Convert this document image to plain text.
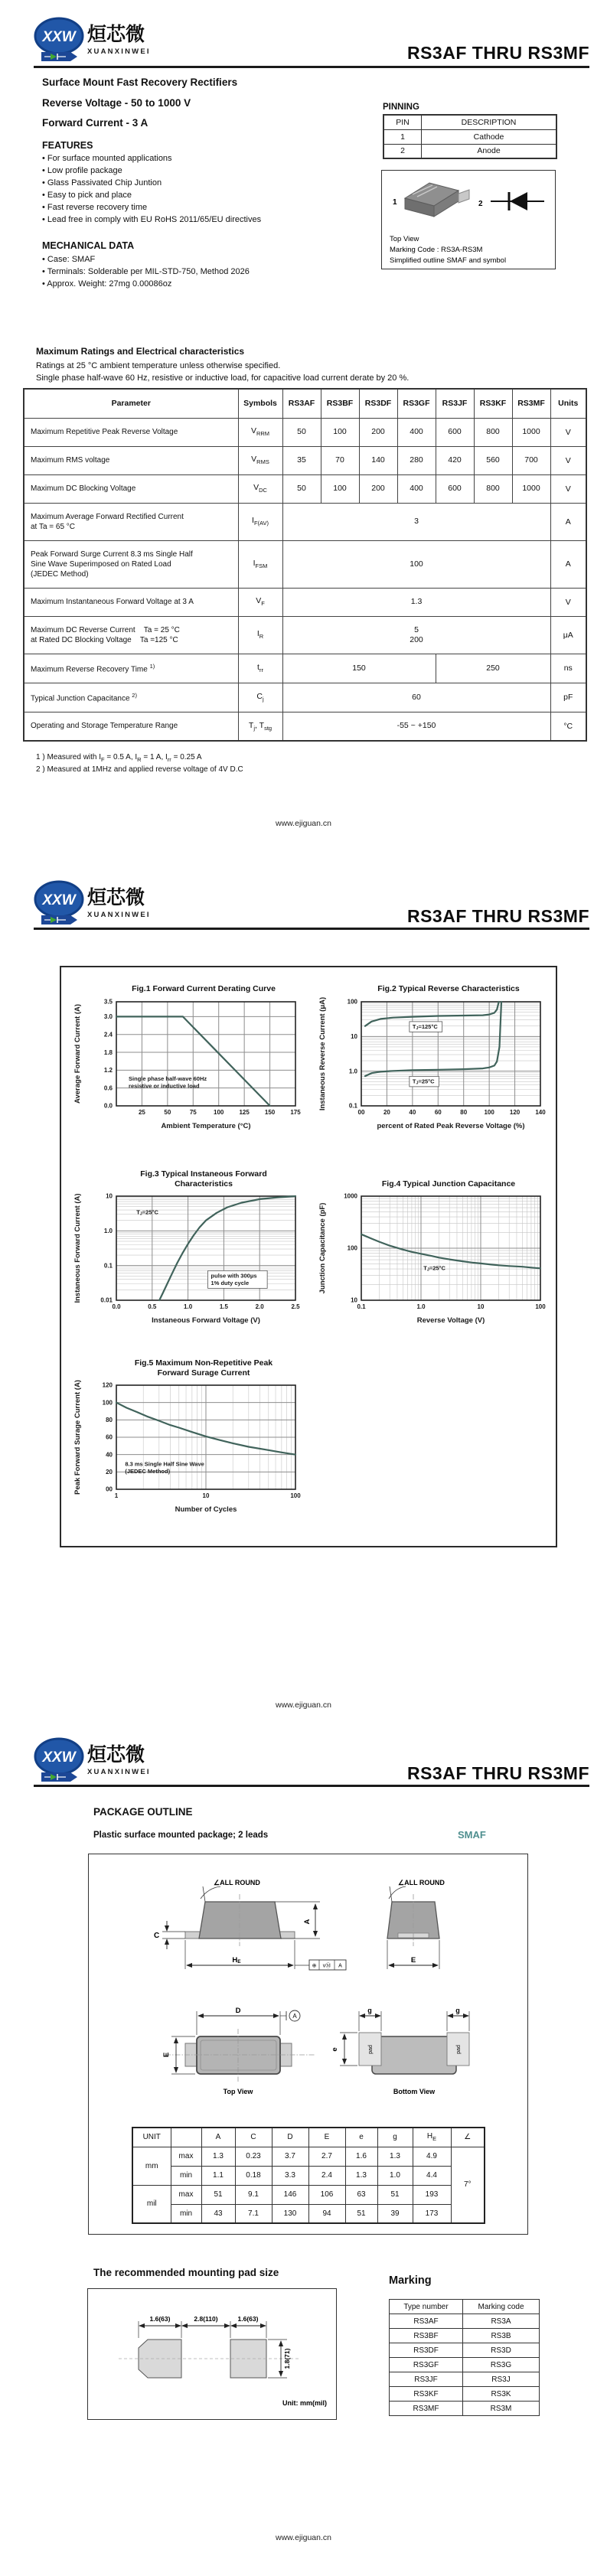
XXW 烜芯微
XUANXINWEI	RS3AF THRU RS3MF
Surface Mount Fast Recovery Rectifiers
Reverse Voltage - 50 to 1000 V
Forward Current - 3 A
PINNING
PIN	DESCRIPTION
1	Cathode
2	Anode
1	2
Top View
Marking Code : RS3A-RS3M
Simplified outline SMAF and symbol
FEATURES
• For surface mounted applications
• Low profile package
• Glass Passivated Chip Juntion
• Easy to pick and place
• Fast reverse recovery time
• Lead free in comply with EU RoHS 2011/65/EU directives
MECHANICAL DATA
• Case: SMAF
• Terminals: Solderable per MIL-STD-750, Method 2026
• Approx. Weight: 27mg 0.00086oz
Maximum Ratings and Electrical characteristics
Ratings at 25 °C ambient temperature unless otherwise specified.
Single phase half-wave 60 Hz, resistive or inductive load, for capacitive load current derate by 20 %.
Parameter	Symbols	RS3AF	RS3BF	RS3DF	RS3GF	RS3JF	RS3KF	RS3MF	Units
Maximum Repetitive Peak Reverse Voltage	$V_{RRM}$	50	100	200	400	600	800	1000	V
Maximum RMS voltage	$V_{RMS}$	35	70	140	280	420	560	700	V
Maximum DC Blocking Voltage	$V_{DC}$	50	100	200	400	600	800	1000	V
Maximum Average Forward Rectified Current
at Ta = 65 °C	$I_{F(AV)}$	3							A
Peak Forward Surge Current 8.3 ms Single Half
Sine Wave Superimposed on Rated Load
(JEDEC Method)	$I_{FSM}$	100							A
Maximum Instantaneous Forward Voltage at 3 A	$V_F$	1.3							V
Maximum DC Reverse Current    Ta = 25 °C
at Rated DC Blocking Voltage    Ta =125 °C	$I_R$	5
200							μA
Maximum Reverse Recovery Time $^{1)}$	$t_{rr}$	150				250			ns
Typical Junction Capacitance $^{2)}$	$C_j$	60							pF
Operating and Storage Temperature Range	$T_j$, $T_{stg}$	-55 ~ +150							°C
1 ) Measured with $I_F = 0.5$ A, $I_R = 1$ A, $I_{rr} = 0.25$ A
2 ) Measured at 1MHz and applied reverse voltage of 4V D.C
www.ejiguan.cn
XXW 烜芯微
XUANXINWEI	RS3AF THRU RS3MF
Fig.1 Forward Current Derating Curve
25	50	75	100	125	150	175
0.0
0.6
1.2
1.8
2.4
3.0
3.5
Ambient Temperature (°C)
Average Forward Current (A)	Single phase half-wave 60Hz
resistive or inductive load
Fig.2 Typical Reverse Characteristics
00	20	40	60	80	100	120	140
0.1
1.0
10
100
percent of Rated Peak Reverse Voltage (%)
Instaneous Reverse Current (μA)	TJ=125°C
TJ=25°C
Fig.3 Typical Instaneous Forward
Characteristics
0.0	0.5	1.0	1.5	2.0	2.5
0.01
0.1
1.0
10
Instaneous Forward Voltage (V)
Instaneous Forward Current (A)	TJ=25°C
pulse with 300μs
1% duty cycle
Fig.4 Typical Junction Capacitance
0.1	1.0	10	100
10
100
1000
Reverse Voltage (V)
Junction Capacitance (pF)	TJ=25°C
Fig.5 Maximum Non-Repetitive Peak
Forward Surage Current
1	10	100
00
20
40
60
80
100
120
Number of Cycles
Peak Forward Surage Current (A)	8.3 ms Single Half Sine Wave
(JEDEC Method)
www.ejiguan.cn
XXW 烜芯微
XUANXINWEI	RS3AF THRU RS3MF
PACKAGE OUTLINE
Plastic surface mounted package; 2 leads	SMAF
∠ALL ROUND
A
C
HE
⊕ vⓂ A
∠ALL ROUND
E
D
A
E
Top View
pad	pad
g	g
e
Bottom View
UNIT		A	C	D	E	e	g	$H_E$	∠
mm	max	1.3	0.23	3.7	2.7	1.6	1.3	4.9	7°
	min	1.1	0.18	3.3	2.4	1.3	1.0	4.4	
mil	max	51	9.1	146	106	63	51	193	
	min	43	7.1	130	94	51	39	173	
The recommended mounting pad size
1.6(63)	2.8(110)	1.6(63)
1.8(71)
Unit: mm(mil)
Marking
Type number	Marking code
RS3AF	RS3A
RS3BF	RS3B
RS3DF	RS3D
RS3GF	RS3G
RS3JF	RS3J
RS3KF	RS3K
RS3MF	RS3M
www.ejiguan.cn
